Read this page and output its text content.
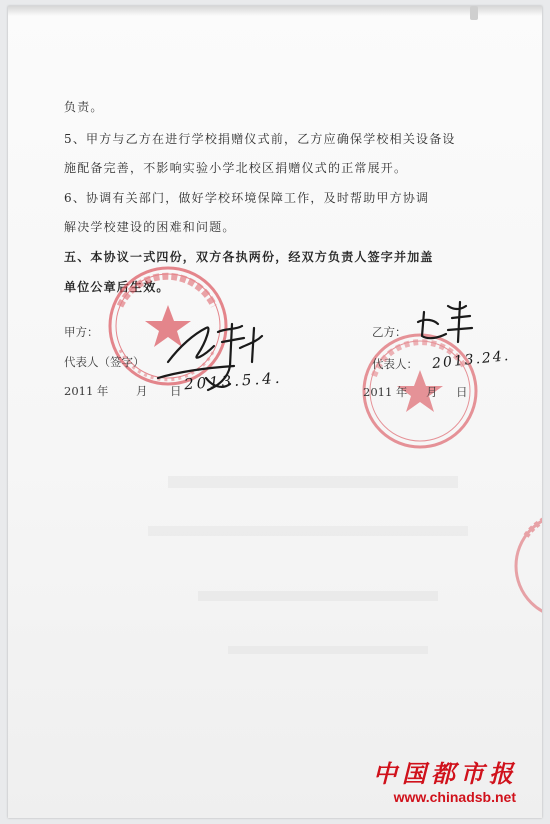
负责。
5、甲方与乙方在进行学校捐赠仪式前，乙方应确保学校相关设备设
施配备完善，不影响实验小学北校区捐赠仪式的正常展开。
6、协调有关部门，做好学校环境保障工作，及时帮助甲方协调
解决学校建设的困难和问题。
五、本协议一式四份，双方各执两份，经双方负责人签字并加盖
单位公章后生效。
甲方：
代表人（签字）
2011 年 月 日
乙方：
代表人：
2011 年 月 日
2013.5.4.
2013.24.
中国都市报
www.chinadsb.net
